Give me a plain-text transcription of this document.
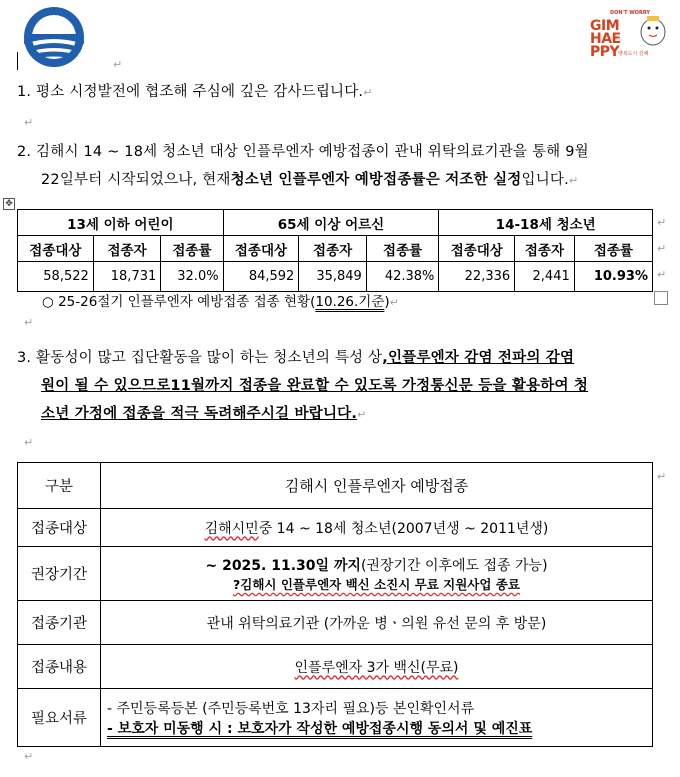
DON'T WORRY
GIM
HAE PPY
행복도시 김해
↵
1. 평소 시정발전에 협조해 주심에 깊은 감사드립니다.↵
↵
2. 김해시 14 ~ 18세 청소년 대상 인플루엔자 예방접종이 관내 위탁의료기관을 통해 9월
22일부터 시작되었으나, 현재청소년 인플루엔자 예방접종률은 저조한 실정입니다.↵
✥
13세 이하 어린이			65세 이상 어르신			14-18세 청소년		
접종대상	접종자	접종률	접종대상	접종자	접종률	접종대상	접종자	접종률
58,522	18,731	32.0%	84,592	35,849	42.38%	22,336	2,441	10.93%
↵
↵
↵
○ 25-26절기 인플루엔자 예방접종 접종 현황(10.26.기준)↵
↵
3. 활동성이 많고 집단활동을 많이 하는 청소년의 특성 상,인플루엔자 감염 전파의 감염
원이 될 수 있으므로11월까지 접종을 완료할 수 있도록 가정통신문 등을 활용하여 청
소년 가정에 접종을 적극 독려해주시길 바랍니다.↵
↵
구분	김해시 인플루엔자 예방접종
접종대상	김해시민중 14 ~ 18세 청소년(2007년생 ~ 2011년생)
권장기간	~ 2025. 11.30일 까지(권장기간 이후에도 접종 가능)
?김해시 인플루엔자 백신 소진시 무료 지원사업 종료

접종기관	관내 위탁의료기관 (가까운 병ㆍ의원 유선 문의 후 방문)
접종내용	인플루엔자 3가 백신(무료)
필요서류	- 주민등록등본 (주민등록번호 13자리 필요)등 본인확인서류
- 보호자 미동행 시 : 보호자가 작성한 예방접종시행 동의서 및 예진표
↵
↵
